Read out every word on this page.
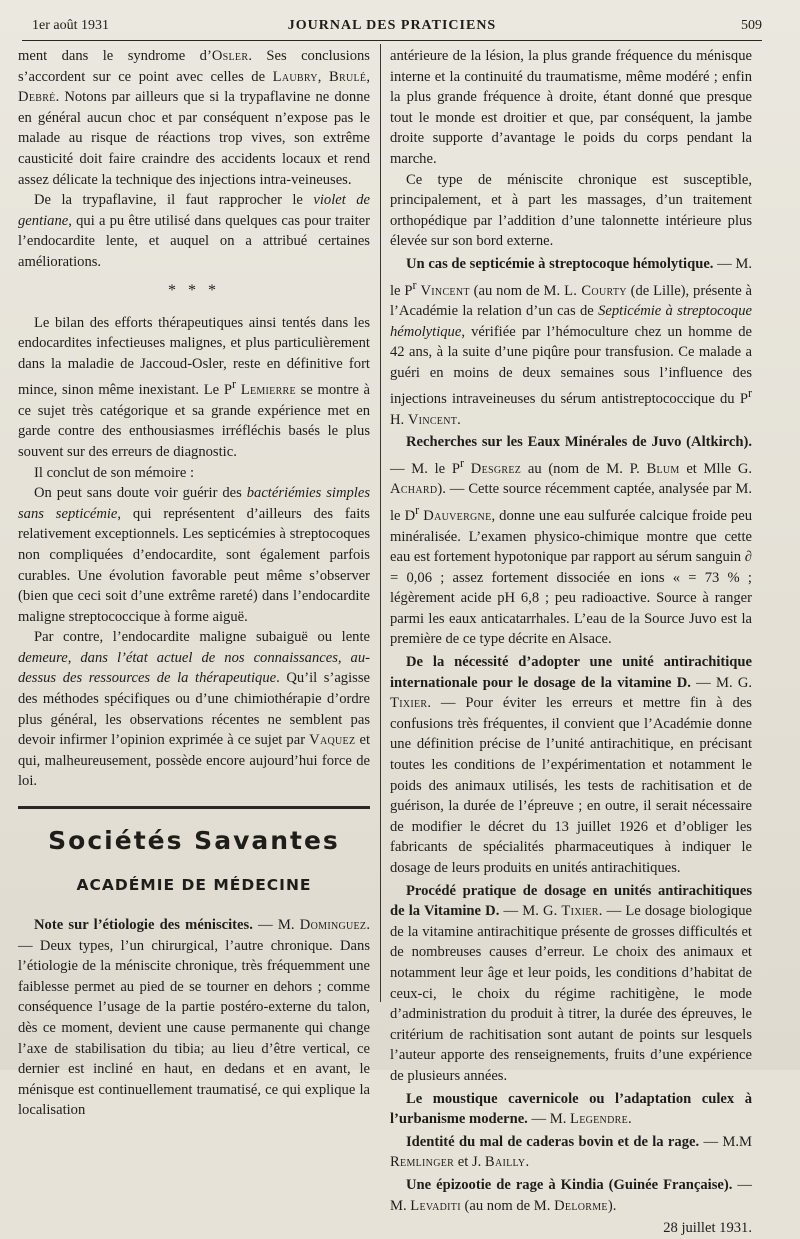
1er août 1931	JOURNAL DES PRATICIENS	509

ment dans le syndrome d’Osler. Ses conclusions s’accordent sur ce point avec celles de Laubry, Brulé, Debré. Notons par ailleurs que si la trypaflavine ne donne en général aucun choc et par conséquent n’expose pas le malade au risque de réactions trop vives, son extrême causticité doit faire craindre des accidents locaux et rend assez délicate la technique des injections intra-veineuses.

De la trypaflavine, il faut rapprocher le violet de gentiane, qui a pu être utilisé dans quelques cas pour traiter l’endocardite lente, et auquel on a attribué certaines améliorations.

* * *

Le bilan des efforts thérapeutiques ainsi tentés dans les endocardites infectieuses malignes, et plus particulièrement dans la maladie de Jaccoud-Osler, reste en définitive fort mince, sinon même inexistant. Le $P^r$ Lemierre se montre à ce sujet très catégorique et sa grande expérience met en garde contre des enthousiasmes irréfléchis basés le plus souvent sur des erreurs de diagnostic.

Il conclut de son mémoire :

On peut sans doute voir guérir des bactériémies simples sans septicémie, qui représentent d’ailleurs des faits relativement exceptionnels. Les septicémies à streptocoques non compliquées d’endocardite, sont également parfois curables. Une évolution favorable peut même s’observer (bien que ceci soit d’une extrême rareté) dans l’endocardite maligne streptococcique à forme aiguë.

Par contre, l’endocardite maligne subaiguë ou lente demeure, dans l’état actuel de nos connaissances, au-dessus des ressources de la thérapeutique. Qu’il s’agisse des méthodes spécifiques ou d’une chimiothérapie d’ordre plus général, les observations récentes ne semblent pas devoir infirmer l’opinion exprimée à ce sujet par Vaquez et qui, malheureusement, possède encore aujourd’hui force de loi.

Sociétés Savantes
ACADÉMIE DE MÉDECINE

Note sur l’étiologie des méniscites. — M. Dominguez. — Deux types, l’un chirurgical, l’autre chronique. Dans l’étiologie de la méniscite chronique, très fréquemment une faiblesse permet au pied de se tourner en dehors ; comme conséquence l’usage de la partie postéro-externe du talon, dès ce moment, devient une cause permanente qui change l’axe de stabilisation du tibia; au lieu d’être vertical, ce dernier est incliné en haut, en dedans et en avant, le ménisque est continuellement traumatisé, ce qui explique la localisation

antérieure de la lésion, la plus grande fréquence du ménisque interne et la continuité du traumatisme, même modéré ; enfin la plus grande fréquence à droite, étant donné que presque tout le monde est droitier et que, par conséquent, la jambe droite supporte d’avantage le poids du corps pendant la marche.

Ce type de méniscite chronique est susceptible, principalement, et à part les massages, d’un traitement orthopédique par l’addition d’une talonnette intérieure plus élevée sur son bord externe.

Un cas de septicémie à streptocoque hémolytique. — M. le $P^r$ Vincent (au nom de M. L. Courty (de Lille), présente à l’Académie la relation d’un cas de Septicémie à streptocoque hémolytique, vérifiée par l’hémoculture chez un homme de 42 ans, à la suite d’une piqûre pour transfusion. Ce malade a guéri en moins de deux semaines sous l’influence des injections intraveineuses du sérum antistreptococcique du $P^r$ H. Vincent.

Recherches sur les Eaux Minérales de Juvo (Altkirch). — M. le $P^r$ Desgrez au (nom de M. P. Blum et Mlle G. Achard). — Cette source récemment captée, analysée par M. le $D^r$ Dauvergne, donne une eau sulfurée calcique froide peu minéralisée. L’examen physico-chimique montre que cette eau est fortement hypotonique par rapport au sérum sanguin ∂ = 0,06 ; assez fortement dissociée en ions « = 73 % ; légèrement acide pH 6,8 ; peu radioactive. Source à ranger parmi les eaux anticatarrhales. L’eau de la Source Juvo est la première de ce type décrite en Alsace.

De la nécessité d’adopter une unité antirachitique internationale pour le dosage de la vitamine D. — M. G. Tixier. — Pour éviter les erreurs et mettre fin à des confusions très fréquentes, il convient que l’Académie donne une définition précise de l’unité antirachitique, en précisant toutes les conditions de l’expérimentation et notamment le poids des animaux utilisés, les tests de rachitisation et de guérison, la durée de l’épreuve ; en outre, il serait nécessaire de modifier le décret du 13 juillet 1926 et d’obliger les fabricants de spécialités pharmaceutiques à indiquer le dosage de leurs produits en unités antirachitiques.

Procédé pratique de dosage en unités antirachitiques de la Vitamine D. — M. G. Tixier. — Le dosage biologique de la vitamine antirachitique présente de grosses difficultés et de nombreuses causes d’erreur. Le choix des animaux et notamment leur âge et leur poids, les conditions d’habitat de ceux-ci, le choix du régime rachitigène, le mode d’administration du produit à titrer, la durée des épreuves, le critérium de rachitisation sont autant de points sur lesquels l’auteur apporte des renseignements, fruits d’une expérience de plusieurs années.

Le moustique cavernicole ou l’adaptation culex à l’urbanisme moderne. — M. Legendre.

Identité du mal de caderas bovin et de la rage. — M.M Remlinger et J. Bailly.

Une épizootie de rage à Kindia (Guinée Française). — M. Levaditi (au nom de M. Delorme).

28 juillet 1931.
